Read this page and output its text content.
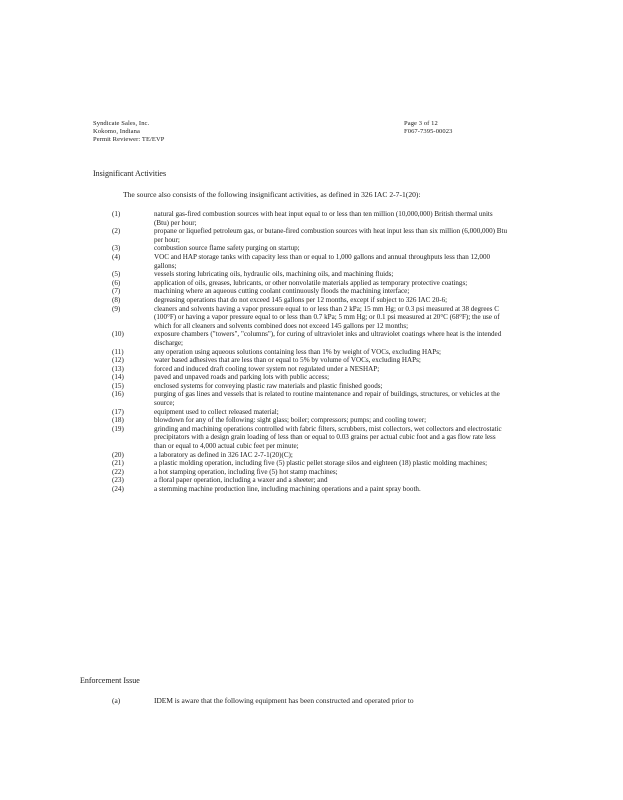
Syndicate Sales, Inc.
Kokomo, Indiana
Permit Reviewer: TE/EVP
Page 3 of 12
F067-7395-00023
Insignificant Activities
The source also consists of the following insignificant activities, as defined in 326 IAC 2-7-1(20):
(1)	natural gas-fired combustion sources with heat input equal to or less than ten million (10,000,000) British thermal units (Btu) per hour;
(2)	propane or liquefied petroleum gas, or butane-fired combustion sources with heat input less than six million (6,000,000) Btu per hour;
(3)	combustion source flame safety purging on startup;
(4)	VOC and HAP storage tanks with capacity less than or equal to 1,000 gallons and annual throughputs less than 12,000 gallons;
(5)	vessels storing lubricating oils, hydraulic oils, machining oils, and machining fluids;
(6)	application of oils, greases, lubricants, or other nonvolatile materials applied as temporary protective coatings;
(7)	machining where an aqueous cutting coolant continuously floods the machining interface;
(8)	degreasing operations that do not exceed 145 gallons per 12 months, except if subject to 326 IAC 20-6;
(9)	cleaners and solvents having a vapor pressure equal to or less than 2 kPa; 15 mm Hg; or 0.3 psi measured at 38 degrees C (100°F) or having a vapor pressure equal to or less than 0.7 kPa; 5 mm Hg; or 0.1 psi measured at 20°C (68°F); the use of which for all cleaners and solvents combined does not exceed 145 gallons per 12 months;
(10)	exposure chambers ("towers", "columns"), for curing of ultraviolet inks and ultraviolet coatings where heat is the intended discharge;
(11)	any operation using aqueous solutions containing less than 1% by weight of VOCs, excluding HAPs;
(12)	water based adhesives that are less than or equal to 5% by volume of VOCs, excluding HAPs;
(13)	forced and induced draft cooling tower system not regulated under a NESHAP;
(14)	paved and unpaved roads and parking lots with public access;
(15)	enclosed systems for conveying plastic raw materials and plastic finished goods;
(16)	purging of gas lines and vessels that is related to routine maintenance and repair of buildings, structures, or vehicles at the source;
(17)	equipment used to collect released material;
(18)	blowdown for any of the following: sight glass; boiler; compressors; pumps; and cooling tower;
(19)	grinding and machining operations controlled with fabric filters, scrubbers, mist collectors, wet collectors and electrostatic precipitators with a design grain loading of less than or equal to 0.03 grains per actual cubic foot and a gas flow rate less than or equal to 4,000 actual cubic feet per minute;
(20)	a laboratory as defined in 326 IAC 2-7-1(20)(C);
(21)	a plastic molding operation, including five (5) plastic pellet storage silos and eighteen (18) plastic molding machines;
(22)	a hot stamping operation, including five (5) hot stamp machines;
(23)	a floral paper operation, including a waxer and a sheeter; and
(24)	a stemming machine production line, including machining operations and a paint spray booth.
Enforcement Issue
(a)	IDEM is aware that the following equipment has been constructed and operated prior to
